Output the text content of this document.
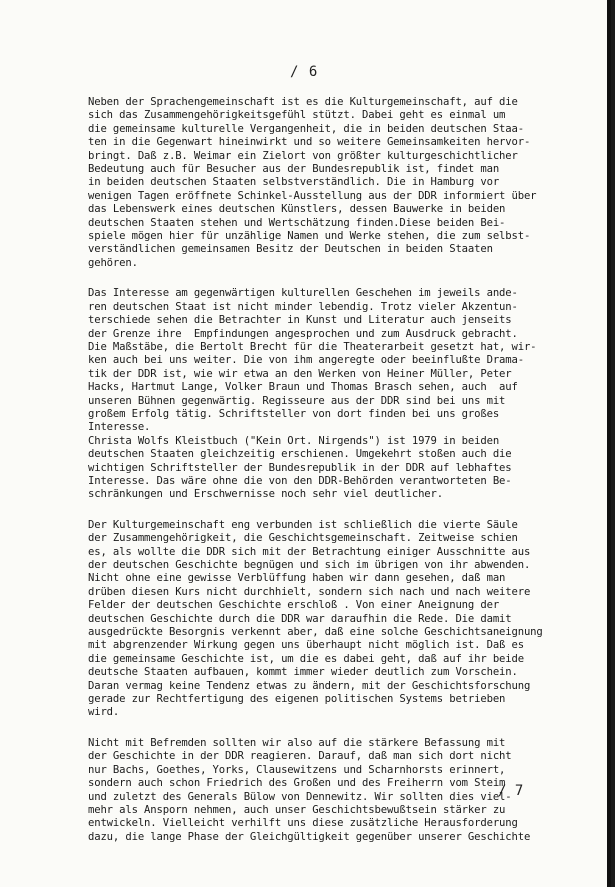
/ 6
Neben der Sprachengemeinschaft ist es die Kulturgemeinschaft, auf die
sich das Zusammengehörigkeitsgefühl stützt. Dabei geht es einmal um
die gemeinsame kulturelle Vergangenheit, die in beiden deutschen Staa-
ten in die Gegenwart hineinwirkt und so weitere Gemeinsamkeiten hervor-
bringt. Daß z.B. Weimar ein Zielort von größter kulturgeschichtlicher
Bedeutung auch für Besucher aus der Bundesrepublik ist, findet man
in beiden deutschen Staaten selbstverständlich. Die in Hamburg vor
wenigen Tagen eröffnete Schinkel-Ausstellung aus der DDR informiert über
das Lebenswerk eines deutschen Künstlers, dessen Bauwerke in beiden
deutschen Staaten stehen und Wertschätzung finden.Diese beiden Bei-
spiele mögen hier für unzählige Namen und Werke stehen, die zum selbst-
verständlichen gemeinsamen Besitz der Deutschen in beiden Staaten
gehören.
Das Interesse am gegenwärtigen kulturellen Geschehen im jeweils ande-
ren deutschen Staat ist nicht minder lebendig. Trotz vieler Akzentun-
terschiede sehen die Betrachter in Kunst und Literatur auch jenseits
der Grenze ihre  Empfindungen angesprochen und zum Ausdruck gebracht.
Die Maßstäbe, die Bertolt Brecht für die Theaterarbeit gesetzt hat, wir-
ken auch bei uns weiter. Die von ihm angeregte oder beeinflußte Drama-
tik der DDR ist, wie wir etwa an den Werken von Heiner Müller, Peter
Hacks, Hartmut Lange, Volker Braun und Thomas Brasch sehen, auch  auf
unseren Bühnen gegenwärtig. Regisseure aus der DDR sind bei uns mit
großem Erfolg tätig. Schriftsteller von dort finden bei uns großes
Interesse.
Christa Wolfs Kleistbuch ("Kein Ort. Nirgends") ist 1979 in beiden
deutschen Staaten gleichzeitig erschienen. Umgekehrt stoßen auch die
wichtigen Schriftsteller der Bundesrepublik in der DDR auf lebhaftes
Interesse. Das wäre ohne die von den DDR-Behörden verantworteten Be-
schränkungen und Erschwernisse noch sehr viel deutlicher.
Der Kulturgemeinschaft eng verbunden ist schließlich die vierte Säule
der Zusammengehörigkeit, die Geschichtsgemeinschaft. Zeitweise schien
es, als wollte die DDR sich mit der Betrachtung einiger Ausschnitte aus
der deutschen Geschichte begnügen und sich im übrigen von ihr abwenden.
Nicht ohne eine gewisse Verblüffung haben wir dann gesehen, daß man
drüben diesen Kurs nicht durchhielt, sondern sich nach und nach weitere
Felder der deutschen Geschichte erschloß . Von einer Aneignung der
deutschen Geschichte durch die DDR war daraufhin die Rede. Die damit
ausgedrückte Besorgnis verkennt aber, daß eine solche Geschichtsaneignung
mit abgrenzender Wirkung gegen uns überhaupt nicht möglich ist. Daß es
die gemeinsame Geschichte ist, um die es dabei geht, daß auf ihr beide
deutsche Staaten aufbauen, kommt immer wieder deutlich zum Vorschein.
Daran vermag keine Tendenz etwas zu ändern, mit der Geschichtsforschung
gerade zur Rechtfertigung des eigenen politischen Systems betrieben
wird.
Nicht mit Befremden sollten wir also auf die stärkere Befassung mit
der Geschichte in der DDR reagieren. Darauf, daß man sich dort nicht
nur Bachs, Goethes, Yorks, Clausewitzens und Scharnhorsts erinnert,
sondern auch schon Friedrich des Großen und des Freiherrn vom Steim
und zuletzt des Generals Bülow von Dennewitz. Wir sollten dies viel-
mehr als Ansporn nehmen, auch unser Geschichtsbewußtsein stärker zu
entwickeln. Vielleicht verhilft uns diese zusätzliche Herausforderung
dazu, die lange Phase der Gleichgültigkeit gegenüber unserer Geschichte
/ 7
